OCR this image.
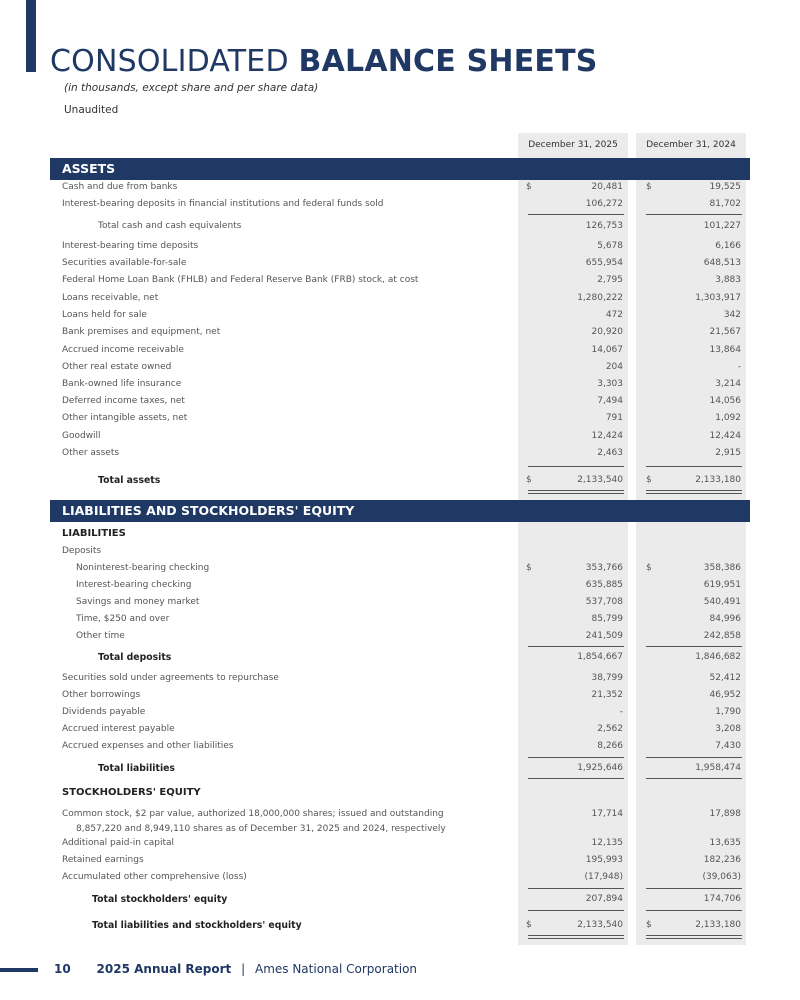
CONSOLIDATED BALANCE SHEETS
(in thousands, except share and per share data)
Unaudited
December 31, 2025	December 31, 2024
ASSETS
Cash and due from banks	$	20,481	$	19,525
Interest-bearing deposits in financial institutions and federal funds sold	106,272	81,702
Total cash and cash equivalents	126,753	101,227
Interest-bearing time deposits	5,678	6,166
Securities available-for-sale	655,954	648,513
Federal Home Loan Bank (FHLB) and Federal Reserve Bank (FRB) stock, at cost	2,795	3,883
Loans receivable, net	1,280,222	1,303,917
Loans held for sale	472	342
Bank premises and equipment, net	20,920	21,567
Accrued income receivable	14,067	13,864
Other real estate owned	204	-
Bank-owned life insurance	3,303	3,214
Deferred income taxes, net	7,494	14,056
Other intangible assets, net	791	1,092
Goodwill	12,424	12,424
Other assets	2,463	2,915
Total assets	$	2,133,540	$	2,133,180
LIABILITIES AND STOCKHOLDERS' EQUITY
LIABILITIES
Deposits
Noninterest-bearing checking	$	353,766	$	358,386
Interest-bearing checking	635,885	619,951
Savings and money market	537,708	540,491
Time, $250 and over	85,799	84,996
Other time	241,509	242,858
Total deposits	1,854,667	1,846,682
Securities sold under agreements to repurchase	38,799	52,412
Other borrowings	21,352	46,952
Dividends payable	-	1,790
Accrued interest payable	2,562	3,208
Accrued expenses and other liabilities	8,266	7,430
Total liabilities	1,925,646	1,958,474
STOCKHOLDERS' EQUITY
Common stock, $2 par value, authorized 18,000,000 shares; issued and outstanding	17,714	17,898
8,857,220 and 8,949,110 shares as of December 31, 2025 and 2024, respectively
Additional paid-in capital	12,135	13,635
Retained earnings	195,993	182,236
Accumulated other comprehensive (loss)	(17,948)	(39,063)
Total stockholders' equity	207,894	174,706
Total liabilities and stockholders' equity	$	2,133,540	$	2,133,180
10 2025 Annual Report | Ames National Corporation
